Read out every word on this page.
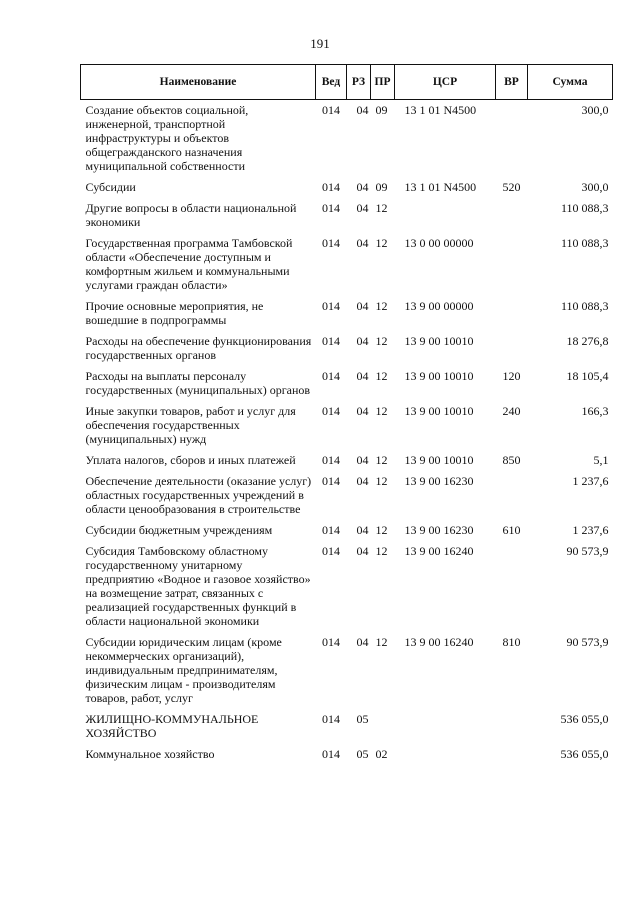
191
Наименование	Вед	РЗ	ПР	ЦСР	ВР	Сумма
Создание объектов социальной, инженерной, транспортной инфраструктуры и объектов общегражданского назначения муниципальной собственности	014	04	09	13 1 01 N4500		300,0
Субсидии	014	04	09	13 1 01 N4500	520	300,0
Другие вопросы в области национальной экономики	014	04	12			110 088,3
Государственная программа Тамбовской области «Обеспечение доступным и комфортным жильем и коммунальными услугами граждан области»	014	04	12	13 0 00 00000		110 088,3
Прочие основные мероприятия, не вошедшие в подпрограммы	014	04	12	13 9 00 00000		110 088,3
Расходы на обеспечение функционирования государственных органов	014	04	12	13 9 00 10010		18 276,8
Расходы на выплаты персоналу государственных (муниципальных) органов	014	04	12	13 9 00 10010	120	18 105,4
Иные закупки товаров, работ и услуг для обеспечения государственных (муниципальных) нужд	014	04	12	13 9 00 10010	240	166,3
Уплата налогов, сборов и иных платежей	014	04	12	13 9 00 10010	850	5,1
Обеспечение деятельности (оказание услуг) областных государственных учреждений в области ценообразования в строительстве	014	04	12	13 9 00 16230		1 237,6
Субсидии бюджетным учреждениям	014	04	12	13 9 00 16230	610	1 237,6
Субсидия Тамбовскому областному государственному унитарному предприятию «Водное и газовое хозяйство» на возмещение затрат, связанных с реализацией государственных функций в области национальной экономики	014	04	12	13 9 00 16240		90 573,9
Субсидии юридическим лицам (кроме некоммерческих организаций), индивидуальным предпринимателям, физическим лицам - производителям товаров, работ, услуг	014	04	12	13 9 00 16240	810	90 573,9
ЖИЛИЩНО-КОММУНАЛЬНОЕ ХОЗЯЙСТВО	014	05				536 055,0
Коммунальное хозяйство	014	05	02			536 055,0
